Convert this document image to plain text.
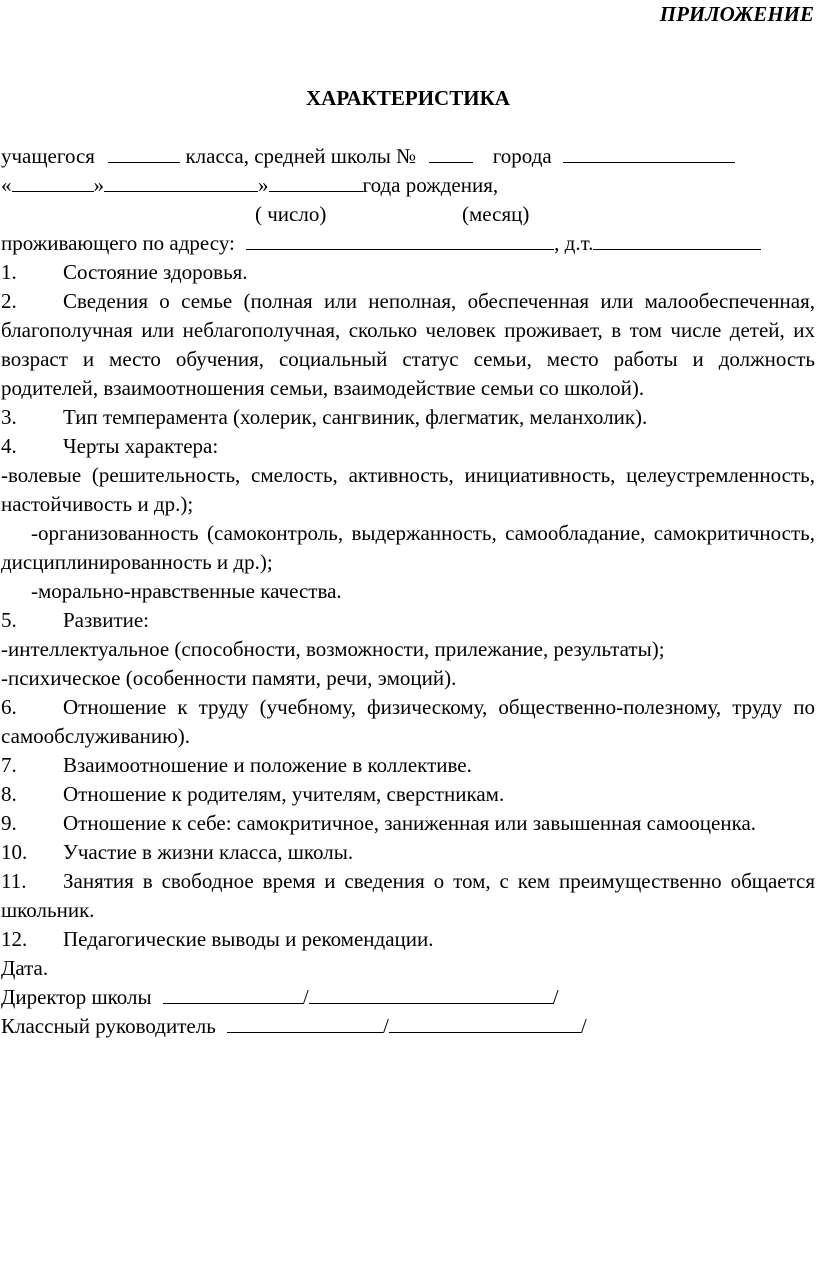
ПРИЛОЖЕНИЕ
ХАРАКТЕРИСТИКА
учащегося	класса, средней школы №	города
«	»	»	года рождения,
( число)	(месяц)
проживающего по адресу:	, д.т.
1. Состояние здоровья.
2. Сведения о семье (полная или неполная, обеспеченная или малообеспеченная, благополучная или неблагополучная, сколько человек проживает, в том числе детей, их возраст и место обучения, социальный статус семьи, место работы и должность родителей, взаимоотношения семьи, взаимодействие семьи со школой).
3. Тип темперамента (холерик, сангвиник, флегматик, меланхолик).
4. Черты характера:
-волевые (решительность, смелость, активность, инициативность, целеустремленность, настойчивость и др.);
-организованность (самоконтроль, выдержанность, самообладание, самокритичность, дисциплинированность и др.);
-морально-нравственные качества.
5. Развитие:
-интеллектуальное (способности, возможности, прилежание, результаты);
-психическое (особенности памяти, речи, эмоций).
6. Отношение к труду (учебному, физическому, общественно-полезному, труду по самообслуживанию).
7. Взаимоотношение и положение в коллективе.
8. Отношение к родителям, учителям, сверстникам.
9. Отношение к себе: самокритичное, заниженная или завышенная самооценка.
10. Участие в жизни класса, школы.
11. Занятия в свободное время и сведения о том, с кем преимущественно общается школьник.
12. Педагогические выводы и рекомендации.
Дата.
Директор школы	/	/
Классный руководитель	/	/
